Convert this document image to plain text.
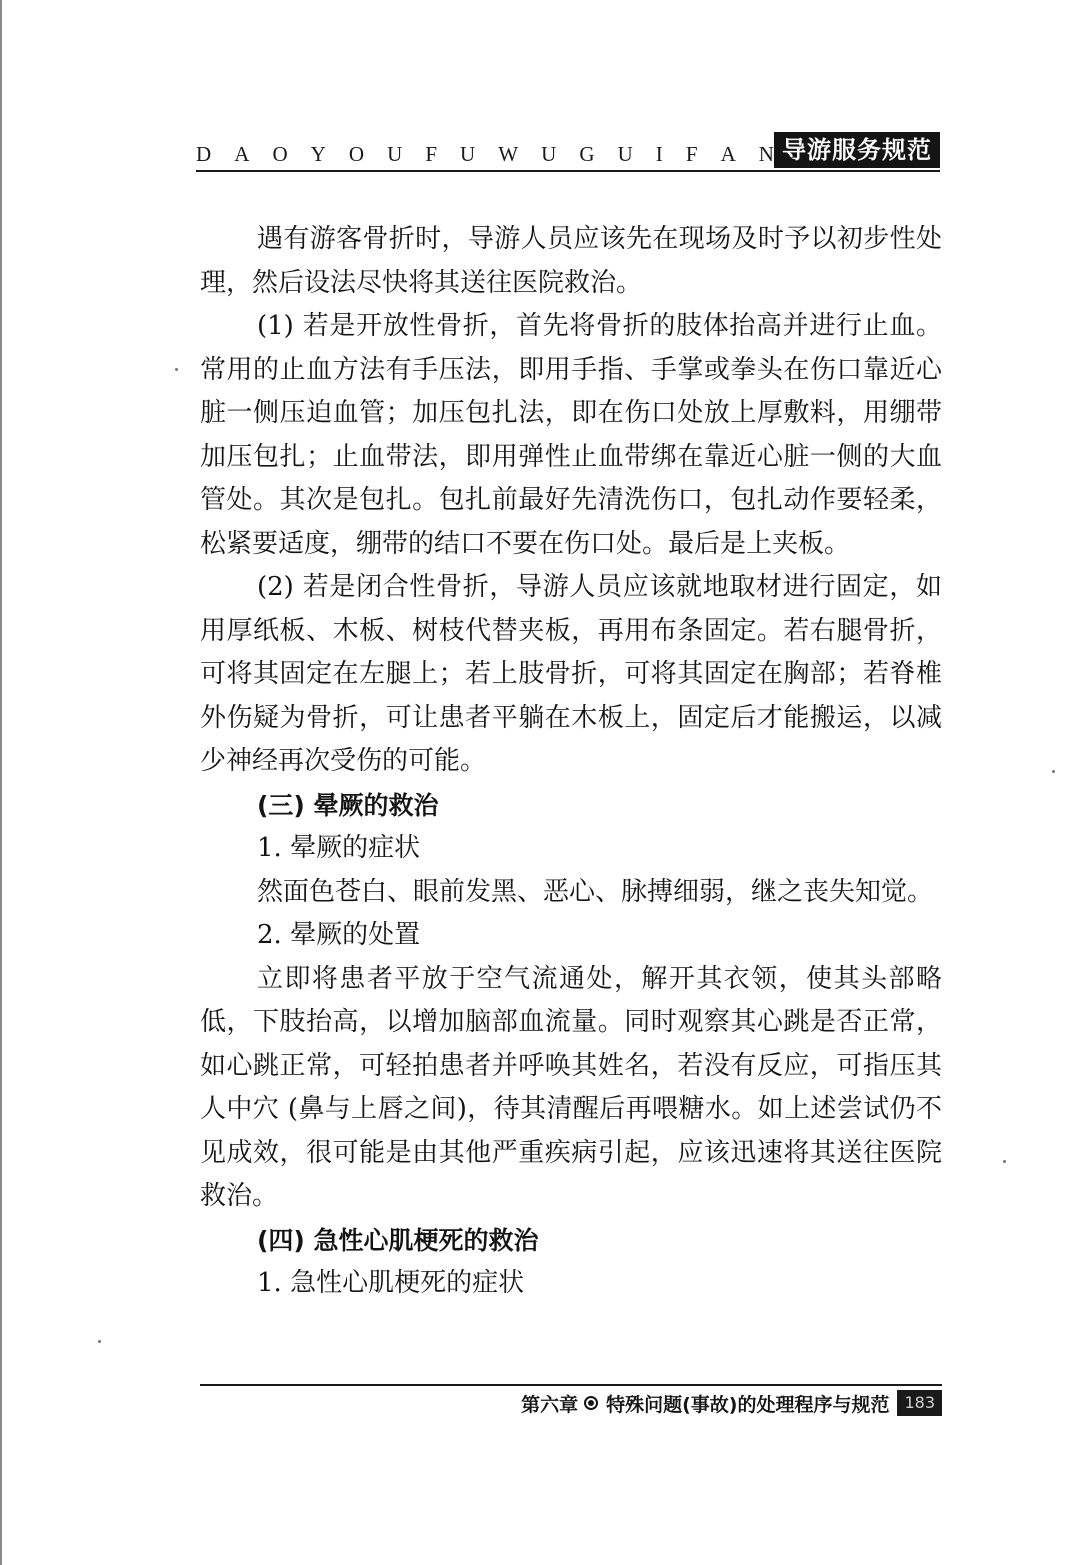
D A O Y O U F U W U G U I F A N 导游服务规范

遇有游客骨折时，导游人员应该先在现场及时予以初步性处理，然后设法尽快将其送往医院救治。

(1) 若是开放性骨折，首先将骨折的肢体抬高并进行止血。常用的止血方法有手压法，即用手指、手掌或拳头在伤口靠近心脏一侧压迫血管；加压包扎法，即在伤口处放上厚敷料，用绷带加压包扎；止血带法，即用弹性止血带绑在靠近心脏一侧的大血管处。其次是包扎。包扎前最好先清洗伤口，包扎动作要轻柔，松紧要适度，绷带的结口不要在伤口处。最后是上夹板。

(2) 若是闭合性骨折，导游人员应该就地取材进行固定，如用厚纸板、木板、树枝代替夹板，再用布条固定。若右腿骨折，可将其固定在左腿上；若上肢骨折，可将其固定在胸部；若脊椎外伤疑为骨折，可让患者平躺在木板上，固定后才能搬运，以减少神经再次受伤的可能。

(三) 晕厥的救治

1. 晕厥的症状

然面色苍白、眼前发黑、恶心、脉搏细弱，继之丧失知觉。

2. 晕厥的处置

立即将患者平放于空气流通处，解开其衣领，使其头部略低，下肢抬高，以增加脑部血流量。同时观察其心跳是否正常，如心跳正常，可轻拍患者并呼唤其姓名，若没有反应，可指压其人中穴 (鼻与上唇之间)，待其清醒后再喂糖水。如上述尝试仍不见成效，很可能是由其他严重疾病引起，应该迅速将其送往医院救治。

(四) 急性心肌梗死的救治

1. 急性心肌梗死的症状

第六章 特殊问题(事故)的处理程序与规范 183
